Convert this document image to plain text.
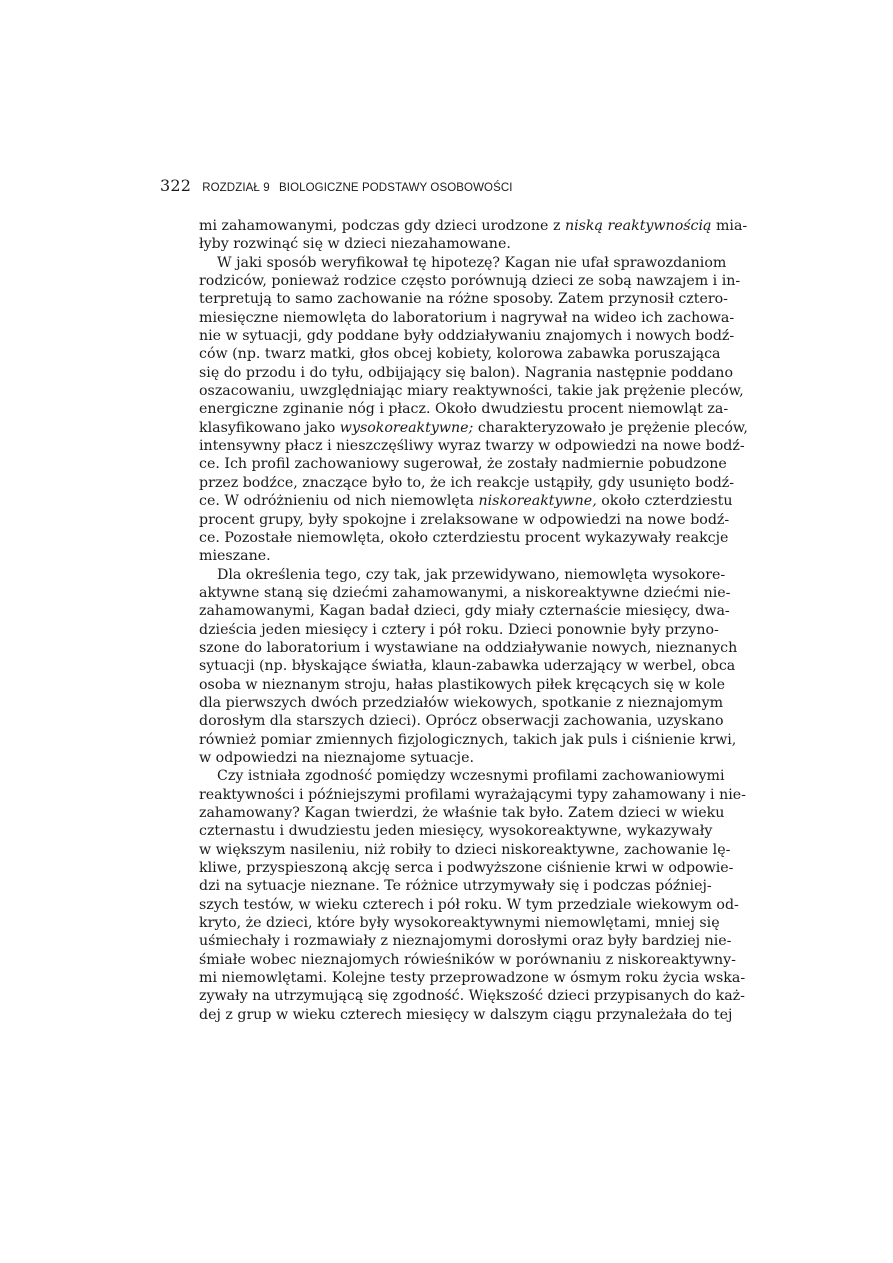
322 ROZDZIAŁ 9 BIOLOGICZNE PODSTAWY OSOBOWOŚCI
mi zahamowanymi, podczas gdy dzieci urodzone z niską reaktywnością mia-
łyby rozwinąć się w dzieci niezahamowane.
W jaki sposób weryfikował tę hipotezę? Kagan nie ufał sprawozdaniom
rodziców, ponieważ rodzice często porównują dzieci ze sobą nawzajem i in-
terpretują to samo zachowanie na różne sposoby. Zatem przynosił cztero-
miesięczne niemowlęta do laboratorium i nagrywał na wideo ich zachowa-
nie w sytuacji, gdy poddane były oddziaływaniu znajomych i nowych bodź-
ców (np. twarz matki, głos obcej kobiety, kolorowa zabawka poruszająca
się do przodu i do tyłu, odbijający się balon). Nagrania następnie poddano
oszacowaniu, uwzględniając miary reaktywności, takie jak prężenie pleców,
energiczne zginanie nóg i płacz. Około dwudziestu procent niemowląt za-
klasyfikowano jako wysokoreaktywne; charakteryzowało je prężenie pleców,
intensywny płacz i nieszczęśliwy wyraz twarzy w odpowiedzi na nowe bodź-
ce. Ich profil zachowaniowy sugerował, że zostały nadmiernie pobudzone
przez bodźce, znaczące było to, że ich reakcje ustąpiły, gdy usunięto bodź-
ce. W odróżnieniu od nich niemowlęta niskoreaktywne, około czterdziestu
procent grupy, były spokojne i zrelaksowane w odpowiedzi na nowe bodź-
ce. Pozostałe niemowlęta, około czterdziestu procent wykazywały reakcje
mieszane.
Dla określenia tego, czy tak, jak przewidywano, niemowlęta wysokore-
aktywne staną się dziećmi zahamowanymi, a niskoreaktywne dziećmi nie-
zahamowanymi, Kagan badał dzieci, gdy miały czternaście miesięcy, dwa-
dzieścia jeden miesięcy i cztery i pół roku. Dzieci ponownie były przyno-
szone do laboratorium i wystawiane na oddziaływanie nowych, nieznanych
sytuacji (np. błyskające światła, klaun-zabawka uderzający w werbel, obca
osoba w nieznanym stroju, hałas plastikowych piłek kręcących się w kole
dla pierwszych dwóch przedziałów wiekowych, spotkanie z nieznajomym
dorosłym dla starszych dzieci). Oprócz obserwacji zachowania, uzyskano
również pomiar zmiennych fizjologicznych, takich jak puls i ciśnienie krwi,
w odpowiedzi na nieznajome sytuacje.
Czy istniała zgodność pomiędzy wczesnymi profilami zachowaniowymi
reaktywności i późniejszymi profilami wyrażającymi typy zahamowany i nie-
zahamowany? Kagan twierdzi, że właśnie tak było. Zatem dzieci w wieku
czternastu i dwudziestu jeden miesięcy, wysokoreaktywne, wykazywały
w większym nasileniu, niż robiły to dzieci niskoreaktywne, zachowanie lę-
kliwe, przyspieszoną akcję serca i podwyższone ciśnienie krwi w odpowie-
dzi na sytuacje nieznane. Te różnice utrzymywały się i podczas później-
szych testów, w wieku czterech i pół roku. W tym przedziale wiekowym od-
kryto, że dzieci, które były wysokoreaktywnymi niemowlętami, mniej się
uśmiechały i rozmawiały z nieznajomymi dorosłymi oraz były bardziej nie-
śmiałe wobec nieznajomych rówieśników w porównaniu z niskoreaktywny-
mi niemowlętami. Kolejne testy przeprowadzone w ósmym roku życia wska-
zywały na utrzymującą się zgodność. Większość dzieci przypisanych do każ-
dej z grup w wieku czterech miesięcy w dalszym ciągu przynależała do tej
